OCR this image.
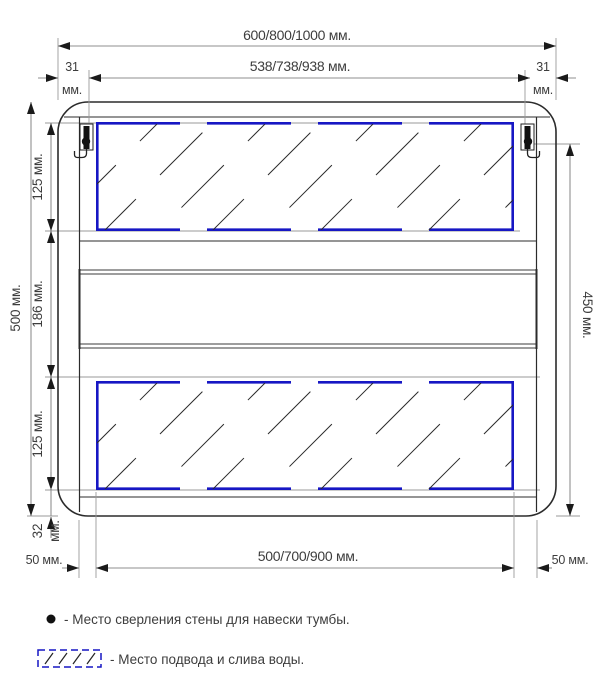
600/800/1000 мм.
538/738/938 мм.
31
мм.
31
мм.
500 мм.
125 мм.
186 мм.
125 мм.
32 мм.
450 мм.
500/700/900 мм.
50 мм.	50 мм.
- Место сверления стены для навески тумбы.
- Место подвода и слива воды.
